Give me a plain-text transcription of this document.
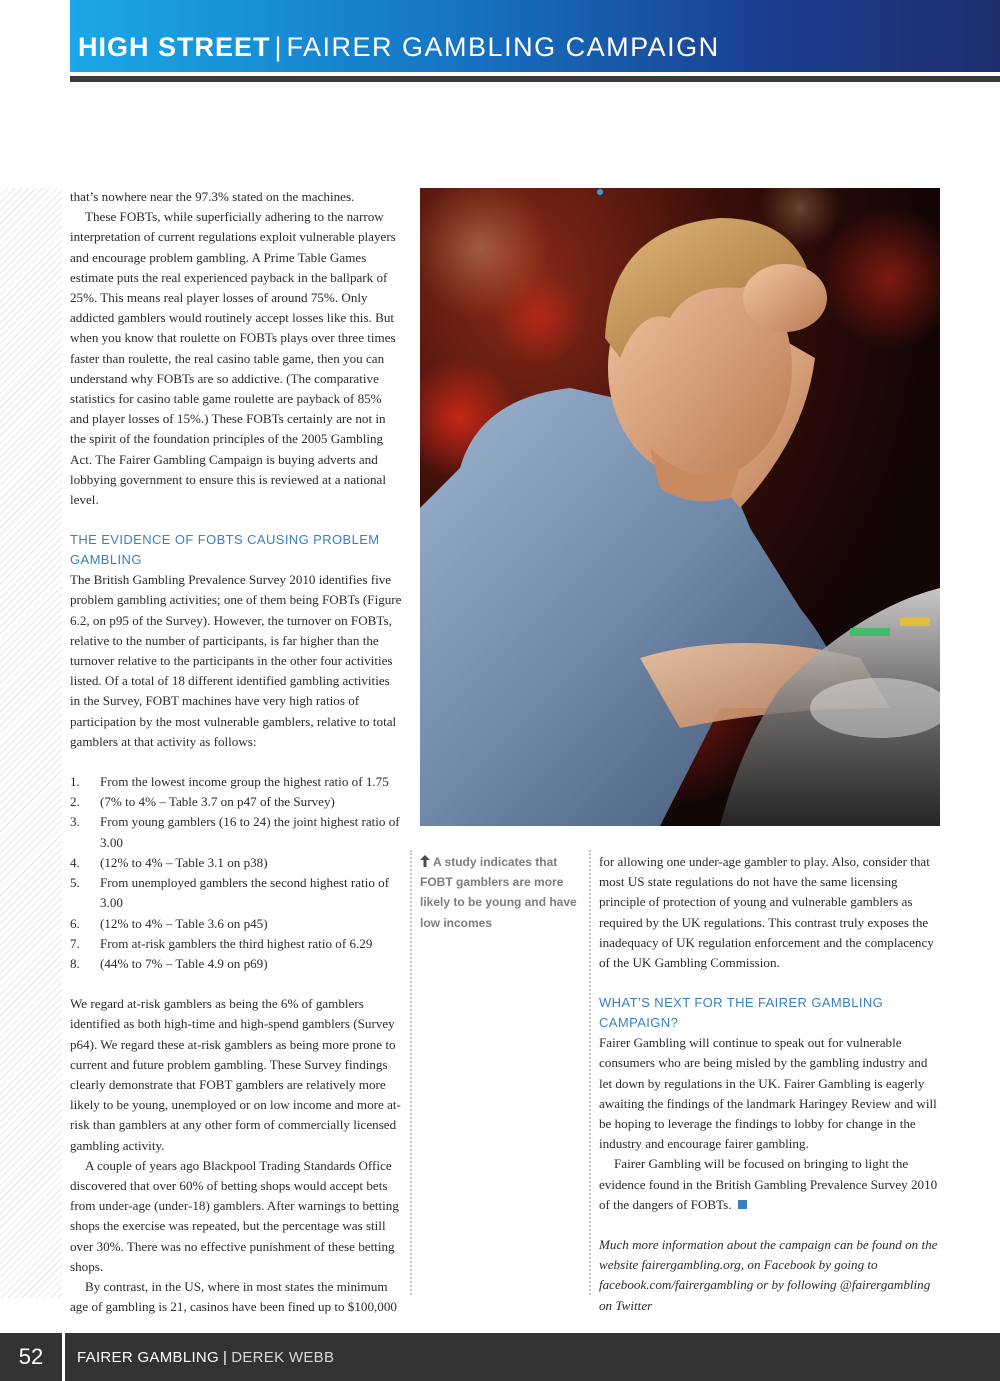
HIGH STREET | FAIRER GAMBLING CAMPAIGN

that’s nowhere near the 97.3% stated on the machines.

These FOBTs, while superficially adhering to the narrow interpretation of current regulations exploit vulnerable players and encourage problem gambling. A Prime Table Games estimate puts the real experienced payback in the ballpark of 25%. This means real player losses of around 75%. Only addicted gamblers would routinely accept losses like this. But when you know that roulette on FOBTs plays over three times faster than roulette, the real casino table game, then you can understand why FOBTs are so addictive. (The comparative statistics for casino table game roulette are payback of 85% and player losses of 15%.) These FOBTs certainly are not in the spirit of the foundation principles of the 2005 Gambling Act. The Fairer Gambling Campaign is buying adverts and lobbying government to ensure this is reviewed at a national level.

THE EVIDENCE OF FOBTS CAUSING PROBLEM GAMBLING

The British Gambling Prevalence Survey 2010 identifies five problem gambling activities; one of them being FOBTs (Figure 6.2, on p95 of the Survey). However, the turnover on FOBTs, relative to the number of participants, is far higher than the turnover relative to the participants in the other four activities listed. Of a total of 18 different identified gambling activities in the Survey, FOBT machines have very high ratios of participation by the most vulnerable gamblers, relative to total gamblers at that activity as follows:

1. From the lowest income group the highest ratio of 1.75
2. (7% to 4% – Table 3.7 on p47 of the Survey)
3. From young gamblers (16 to 24) the joint highest ratio of 3.00
4. (12% to 4% – Table 3.1 on p38)
5. From unemployed gamblers the second highest ratio of 3.00
6. (12% to 4% – Table 3.6 on p45)
7. From at-risk gamblers the third highest ratio of 6.29
8. (44% to 7% – Table 4.9 on p69)

We regard at-risk gamblers as being the 6% of gamblers identified as both high-time and high-spend gamblers (Survey p64). We regard these at-risk gamblers as being more prone to current and future problem gambling. These Survey findings clearly demonstrate that FOBT gamblers are relatively more likely to be young, unemployed or on low income and more at-risk than gamblers at any other form of commercially licensed gambling activity.

A couple of years ago Blackpool Trading Standards Office discovered that over 60% of betting shops would accept bets from under-age (under-18) gamblers. After warnings to betting shops the exercise was repeated, but the percentage was still over 30%. There was no effective punishment of these betting shops.

By contrast, in the US, where in most states the minimum age of gambling is 21, casinos have been fined up to $100,000

A study indicates that FOBT gamblers are more likely to be young and have low incomes

for allowing one under-age gambler to play. Also, consider that most US state regulations do not have the same licensing principle of protection of young and vulnerable gamblers as required by the UK regulations. This contrast truly exposes the inadequacy of UK regulation enforcement and the complacency of the UK Gambling Commission.

WHAT’S NEXT FOR THE FAIRER GAMBLING CAMPAIGN?

Fairer Gambling will continue to speak out for vulnerable consumers who are being misled by the gambling industry and let down by regulations in the UK. Fairer Gambling is eagerly awaiting the findings of the landmark Haringey Review and will be hoping to leverage the findings to lobby for change in the industry and encourage fairer gambling.

Fairer Gambling will be focused on bringing to light the evidence found in the British Gambling Prevalence Survey 2010 of the dangers of FOBTs.

Much more information about the campaign can be found on the website fairergambling.org, on Facebook by going to facebook.com/fairergambling or by following @fairergambling on Twitter

52	FAIRER GAMBLING | DEREK WEBB
